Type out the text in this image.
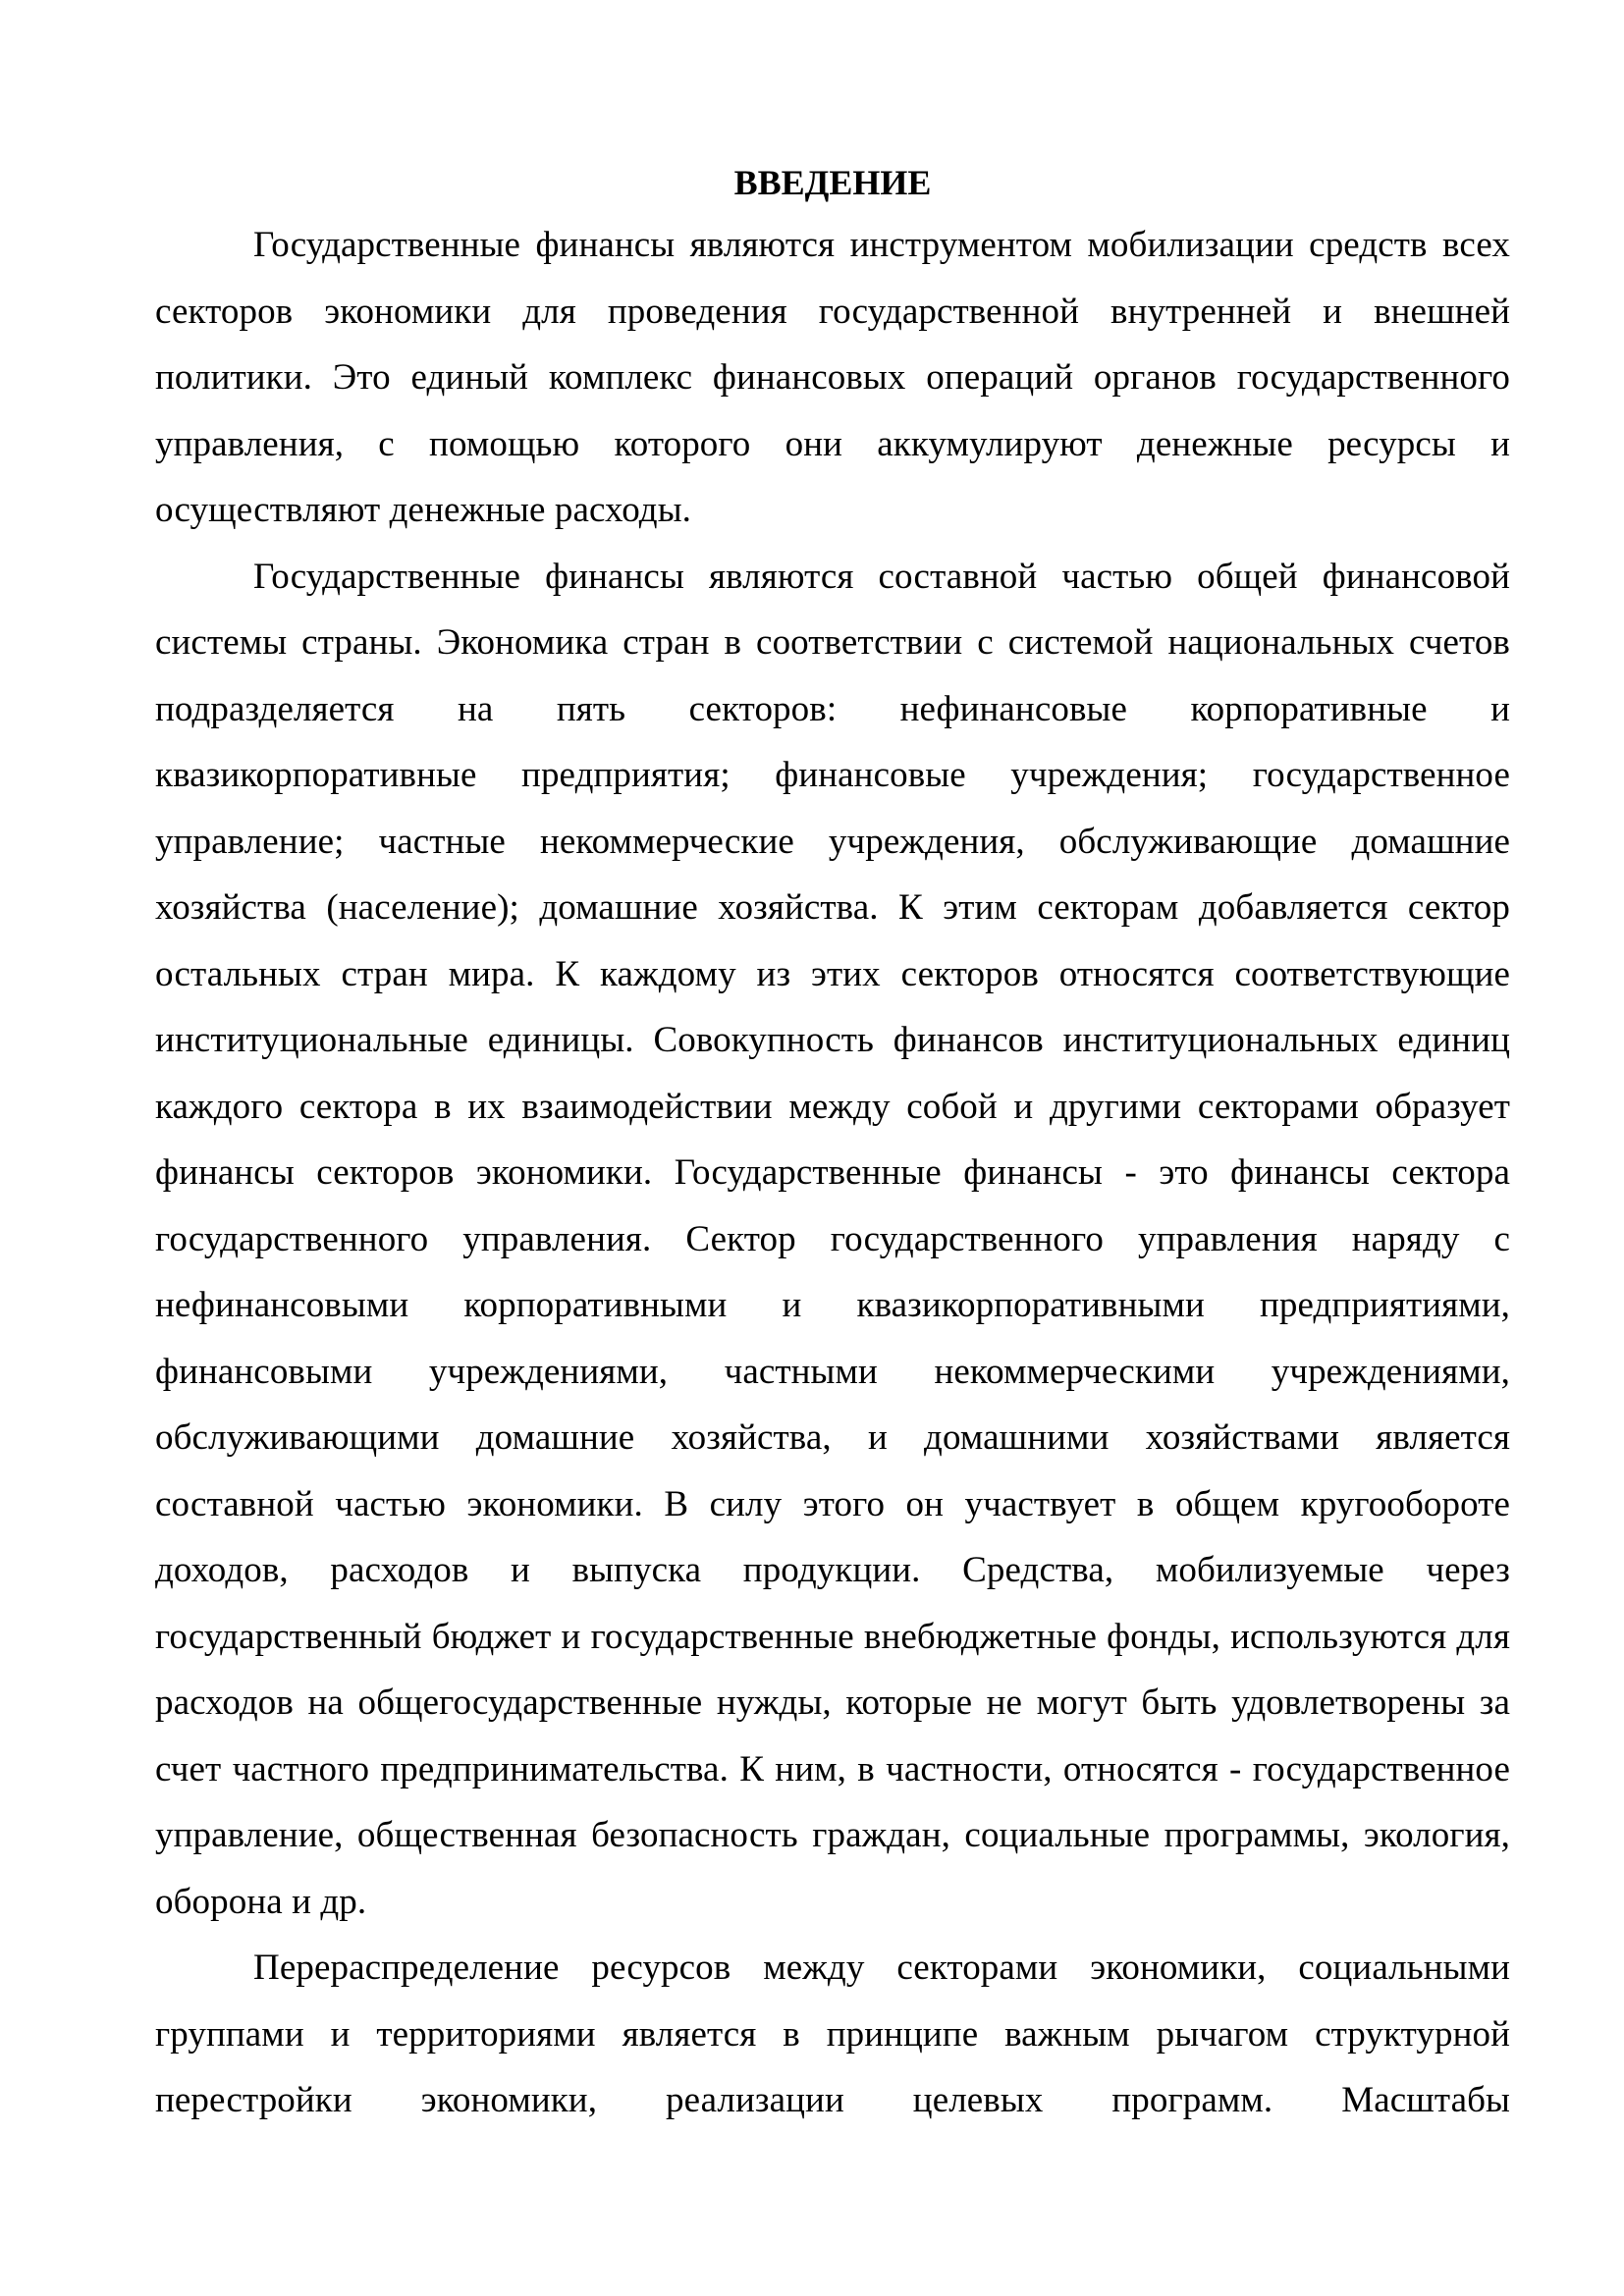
ВВЕДЕНИЕ

Государственные финансы являются инструментом мобилизации средств всех секторов экономики для проведения государственной внутренней и внешней политики. Это единый комплекс финансовых операций органов государственного управления, с помощью которого они аккумулируют денежные ресурсы и осуществляют денежные расходы.

Государственные финансы являются составной частью общей финансовой системы страны. Экономика стран в соответствии с системой национальных счетов подразделяется на пять секторов: нефинансовые корпоративные и квазикорпоративные предприятия; финансовые учреждения; государственное управление; частные некоммерческие учреждения, обслуживающие домашние хозяйства (население); домашние хозяйства. К этим секторам добавляется сектор остальных стран мира. К каждому из этих секторов относятся соответствующие институциональные единицы. Совокупность финансов институциональных единиц каждого сектора в их взаимодействии между собой и другими секторами образует финансы секторов экономики. Государственные финансы - это финансы сектора государственного управления. Сектор государственного управления наряду с нефинансовыми корпоративными и квазикорпоративными предприятиями, финансовыми учреждениями, частными некоммерческими учреждениями, обслуживающими домашние хозяйства, и домашними хозяйствами является составной частью экономики. В силу этого он участвует в общем кругообороте доходов, расходов и выпуска продукции. Средства, мобилизуемые через государственный бюджет и государственные внебюджетные фонды, используются для расходов на общегосударственные нужды, которые не могут быть удовлетворены за счет частного предпринимательства. К ним, в частности, относятся - государственное управление, общественная безопасность граждан, социальные программы, экология, оборона и др.

Перераспределение ресурсов между секторами экономики, социальными группами и территориями является в принципе важным рычагом структурной перестройки экономики, реализации целевых программ. Масштабы
